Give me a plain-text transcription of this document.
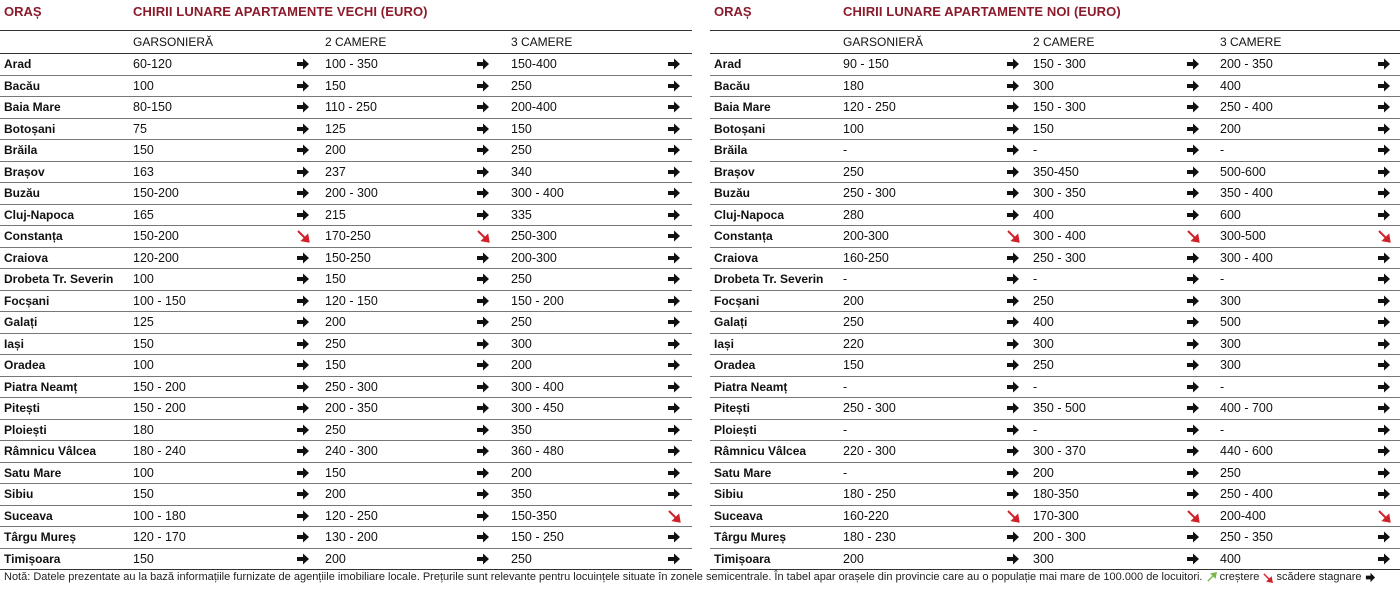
ORAȘ	CHIRII LUNARE APARTAMENTE VECHI (EURO)
GARSONIERĂ	2 CAMERE	3 CAMERE
Arad	60-120	100 - 350	150-400
Bacău	100	150	250
Baia Mare	80-150	110 - 250	200-400
Botoșani	75	125	150
Brăila	150	200	250
Brașov	163	237	340
Buzău	150-200	200 - 300	300 - 400
Cluj-Napoca	165	215	335
Constanța	150-200	170-250	250-300
Craiova	120-200	150-250	200-300
Drobeta Tr. Severin 100	150	250
Focșani	100 - 150	120 - 150	150 - 200
Galați	125	200	250
Iași	150	250	300
Oradea	100	150	200
Piatra Neamț	150 - 200	250 - 300	300 - 400
Pitești	150 - 200	200 - 350	300 - 450
Ploiești	180	250	350
Râmnicu Vâlcea	180 - 240	240 - 300	360 - 480
Satu Mare	100	150	200
Sibiu	150	200	350
Suceava	100 - 180	120 - 250	150-350
Târgu Mureș	120 - 170	130 - 200	150 - 250
Timișoara	150	200	250
ORAȘ	CHIRII LUNARE APARTAMENTE NOI (EURO)
GARSONIERĂ	2 CAMERE	3 CAMERE
Arad	90 - 150	150 - 300	200 - 350
Bacău	180	300	400
Baia Mare	120 - 250	150 - 300	250 - 400
Botoșani	100	150	200
Brăila	-	-	-
Brașov	250	350-450	500-600
Buzău	250 - 300	300 - 350	350 - 400
Cluj-Napoca	280	400	600
Constanța	200-300	300 - 400	300-500
Craiova	160-250	250 - 300	300 - 400
Drobeta Tr. Severin -	-	-
Focșani	200	250	300
Galați	250	400	500
Iași	220	300	300
Oradea	150	250	300
Piatra Neamț	-	-	-
Pitești	250 - 300	350 - 500	400 - 700
Ploiești	-	-	-
Râmnicu Vâlcea	220 - 300	300 - 370	440 - 600
Satu Mare	-	200	250
Sibiu	180 - 250	180-350	250 - 400
Suceava	160-220	170-300	200-400
Târgu Mureș	180 - 230	200 - 300	250 - 350
Timișoara	200	300	400
Notă: Datele prezentate au la bază informațiile furnizate de agențiile imobiliare locale. Prețurile sunt relevante pentru locuințele situate în zonele semicentrale. În tabel apar orașele din provincie care au o populație mai mare de 100.000 de locuitori. creștere scădere stagnare
